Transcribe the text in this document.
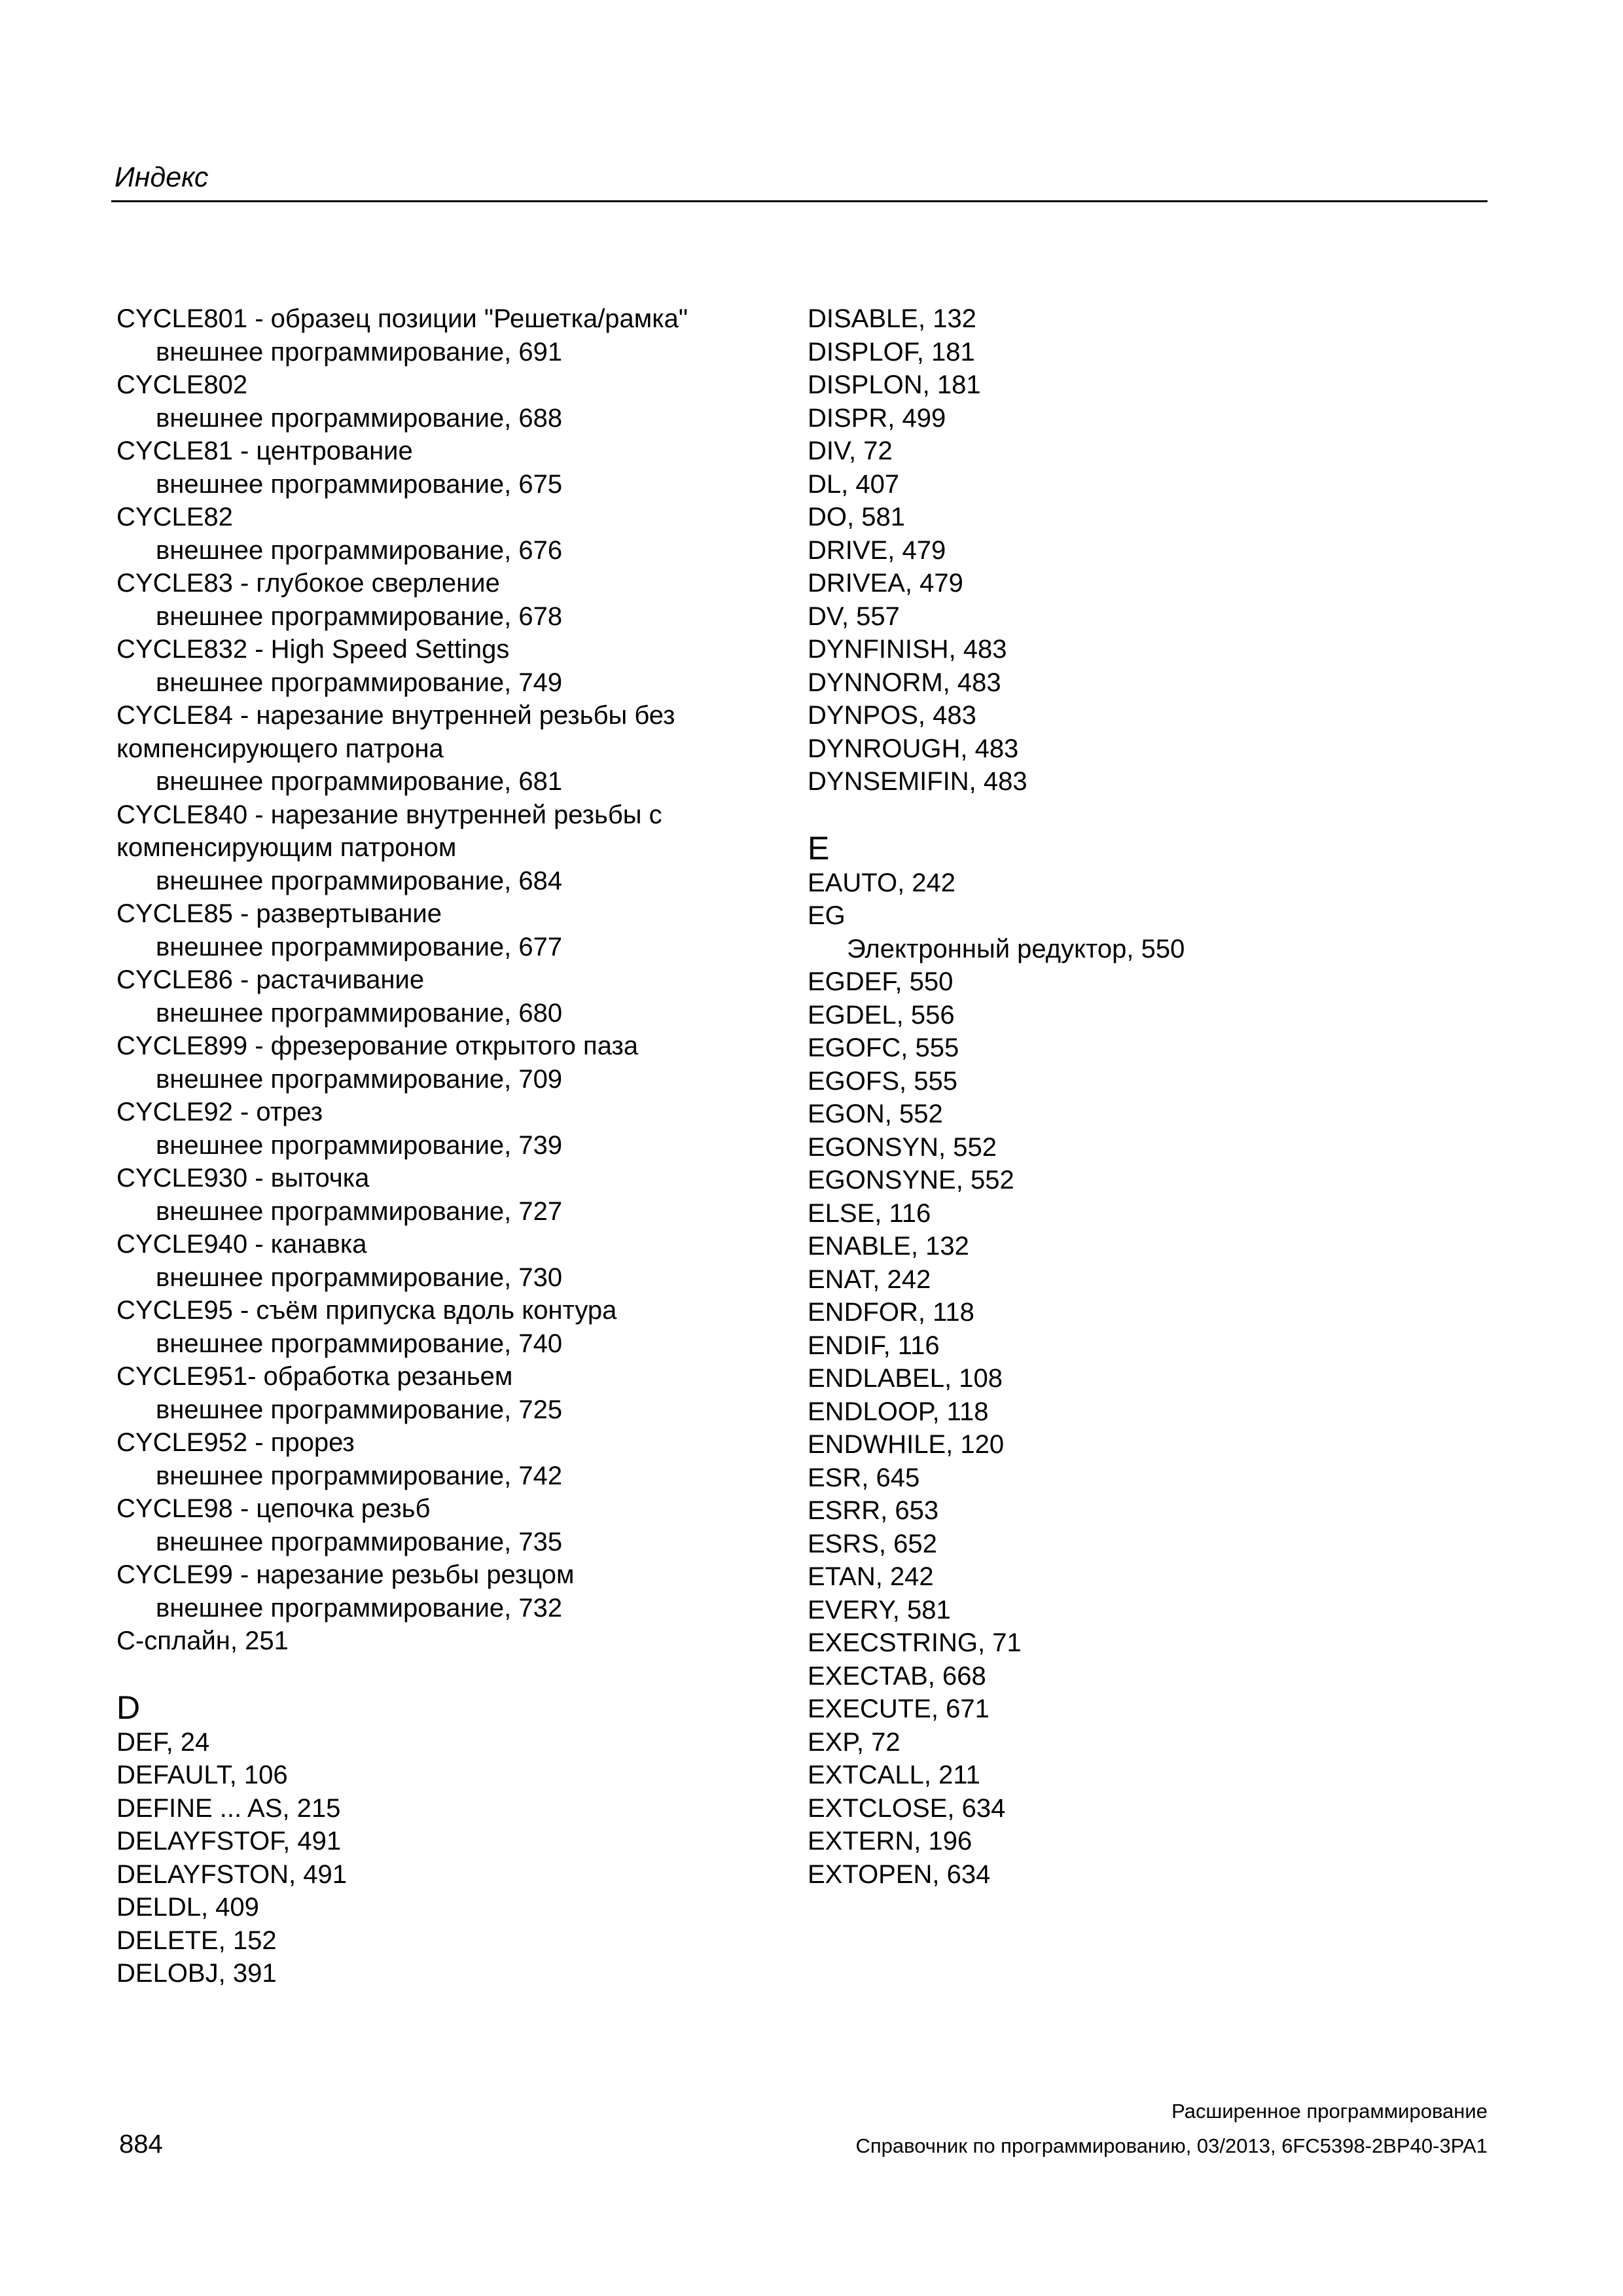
Индекс
CYCLE801 - образец позиции "Решетка/рамка"
внешнее программирование, 691
CYCLE802
внешнее программирование, 688
CYCLE81 - центрование
внешнее программирование, 675
CYCLE82
внешнее программирование, 676
CYCLE83 - глубокое сверление
внешнее программирование, 678
CYCLE832 - High Speed Settings
внешнее программирование, 749
CYCLE84 - нарезание внутренней резьбы без
компенсирующего патрона
внешнее программирование, 681
CYCLE840 - нарезание внутренней резьбы с
компенсирующим патроном
внешнее программирование, 684
CYCLE85 - развертывание
внешнее программирование, 677
CYCLE86 - растачивание
внешнее программирование, 680
CYCLE899 - фрезерование открытого паза
внешнее программирование, 709
CYCLE92 - отрез
внешнее программирование, 739
CYCLE930 - выточка
внешнее программирование, 727
CYCLE940 - канавка
внешнее программирование, 730
CYCLE95 - съём припуска вдоль контура
внешнее программирование, 740
CYCLE951- обработка резаньем
внешнее программирование, 725
CYCLE952 - прорез
внешнее программирование, 742
CYCLE98 - цепочка резьб
внешнее программирование, 735
CYCLE99 - нарезание резьбы резцом
внешнее программирование, 732
C-сплайн, 251
D
DEF, 24
DEFAULT, 106
DEFINE ... AS, 215
DELAYFSTOF, 491
DELAYFSTON, 491
DELDL, 409
DELETE, 152
DELOBJ, 391
DISABLE, 132
DISPLOF, 181
DISPLON, 181
DISPR, 499
DIV, 72
DL, 407
DO, 581
DRIVE, 479
DRIVEA, 479
DV, 557
DYNFINISH, 483
DYNNORM, 483
DYNPOS, 483
DYNROUGH, 483
DYNSEMIFIN, 483
E
EAUTO, 242
EG
Электронный редуктор, 550
EGDEF, 550
EGDEL, 556
EGOFC, 555
EGOFS, 555
EGON, 552
EGONSYN, 552
EGONSYNE, 552
ELSE, 116
ENABLE, 132
ENAT, 242
ENDFOR, 118
ENDIF, 116
ENDLABEL, 108
ENDLOOP, 118
ENDWHILE, 120
ESR, 645
ESRR, 653
ESRS, 652
ETAN, 242
EVERY, 581
EXECSTRING, 71
EXECTAB, 668
EXECUTE, 671
EXP, 72
EXTCALL, 211
EXTCLOSE, 634
EXTERN, 196
EXTOPEN, 634
Расширенное программирование
Справочник по программированию, 03/2013, 6FC5398-2BP40-3PA1
884
